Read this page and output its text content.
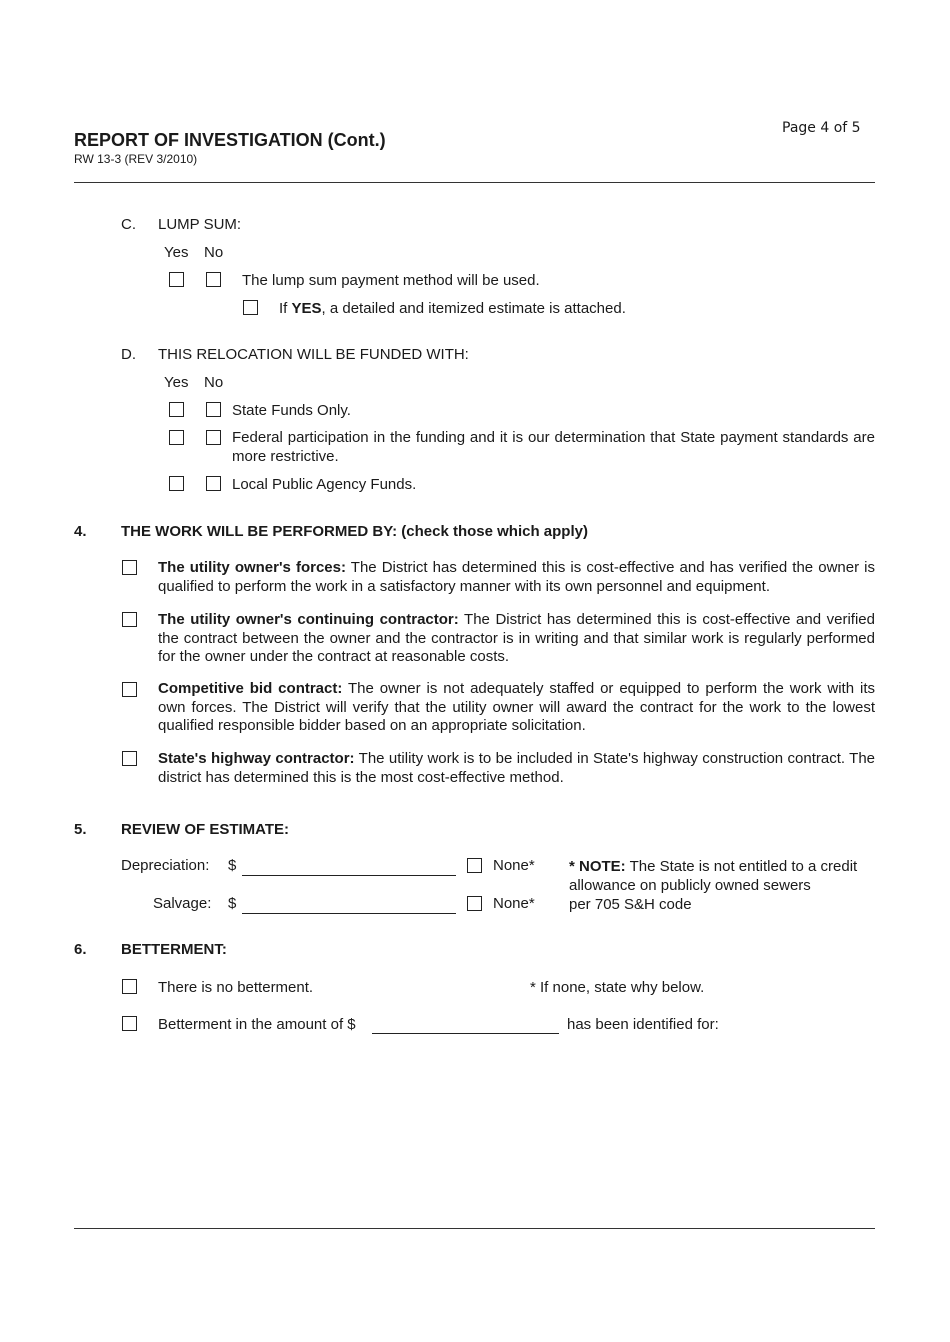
REPORT OF INVESTIGATION (Cont.)
RW 13-3 (REV 3/2010)
Page 4 of 5
C. LUMP SUM:
Yes No
The lump sum payment method will be used.
If YES, a detailed and itemized estimate is attached.
D. THIS RELOCATION WILL BE FUNDED WITH:
Yes No
State Funds Only.
Federal participation in the funding and it is our determination that State payment standards are more restrictive.
Local Public Agency Funds.
4. THE WORK WILL BE PERFORMED BY: (check those which apply)
The utility owner's forces: The District has determined this is cost-effective and has verified the owner is qualified to perform the work in a satisfactory manner with its own personnel and equipment.
The utility owner's continuing contractor: The District has determined this is cost-effective and verified the contract between the owner and the contractor is in writing and that similar work is regularly performed for the owner under the contract at reasonable costs.
Competitive bid contract: The owner is not adequately staffed or equipped to perform the work with its own forces. The District will verify that the utility owner will award the contract for the work to the lowest qualified responsible bidder based on an appropriate solicitation.
State's highway contractor: The utility work is to be included in State's highway construction contract. The district has determined this is the most cost-effective method.
5. REVIEW OF ESTIMATE:
Depreciation: $	None*
Salvage: $	None*
* NOTE: The State is not entitled to a credit
allowance on publicly owned sewers
per 705 S&H code
6. BETTERMENT:
There is no betterment.	* If none, state why below.
Betterment in the amount of $	has been identified for:
